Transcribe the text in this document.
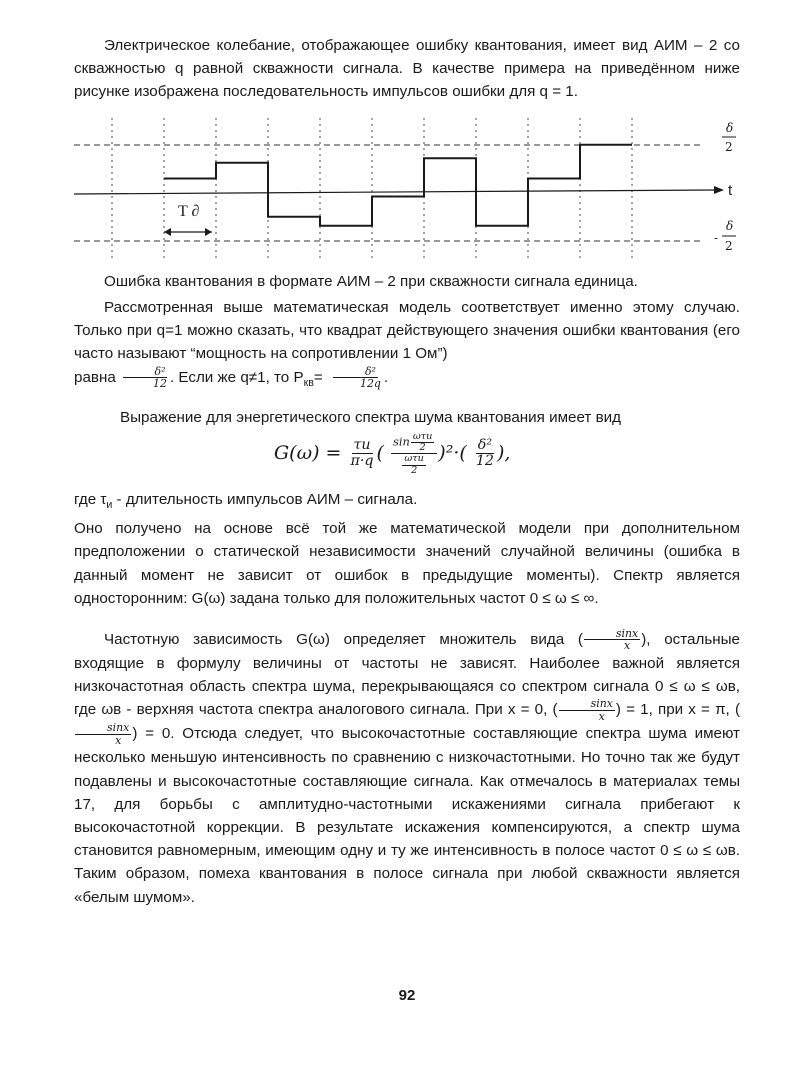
Электрическое колебание, отображающее ошибку квантования, имеет вид АИМ – 2 со скважностью q равной скважности сигнала. В качестве примера на приведённом ниже рисунке изображена последовательность импульсов ошибки для q = 1.

t
T ∂
δ
2
-
δ
2

Ошибка квантования в формате АИМ – 2 при скважности сигнала единица.

Рассмотренная выше математическая модель соответствует именно этому случаю. Только при q=1 можно сказать, что квадрат действующего значения ошибки квантования (его часто называют “мощность на сопротивлении 1 Ом”)
равна $\frac{\text{δ²}}{12}$ . Если же q≠1, то $Р_{кв}= \frac{\text{δ²}}{12q}$ .

Выражение для энергетического спектра шума квантования имеет вид

$G(\omega) = \frac{\tau и}{\pi\cdot q}$ ( $\frac{\sin \frac{\text{ωτи}}{2}}{\frac{\text{ωτи}}{2}} )^2\cdot( \frac{\text{δ²}}{12}$ ),

где $\tau_и$ - длительность импульсов АИМ – сигнала.
Оно получено на основе всё той же математической модели при дополнительном предположении о статической независимости значений случайной величины (ошибка в данный момент не зависит от ошибок в предыдущие моменты). Спектр является односторонним: G(ω) задана только для положительных частот 0 ≤ ω ≤ ∞.

Частотную зависимость G(ω) определяет множитель вида ( $\frac{\sin x}{x}$ ), остальные входящие в формулу величины от частоты не зависят. Наиболее важной является низкочастотная область спектра шума, перекрывающаяся со спектром сигнала 0 ≤ ω ≤ ωв, где ωв - верхняя частота спектра аналогового сигнала. При x = 0, ( $\frac{\sin x}{x}$ ) = 1, при x = π, (
$\frac{\sin x}{x}$ ) = 0. Отсюда следует, что высокочастотные составляющие спектра шума имеют несколько меньшую интенсивность по сравнению с низкочастотными. Но точно так же будут подавлены и высокочастотные составляющие сигнала. Как отмечалось в материалах темы 17, для борьбы с амплитудно-частотными искажениями сигнала прибегают к высокочастотной коррекции. В результате искажения компенсируются, а спектр шума становится равномерным, имеющим одну и ту же интенсивность в полосе частот 0 ≤ ω ≤ ωв. Таким образом, помеха квантования в полосе сигнала при любой скважности является «белым шумом».

92
